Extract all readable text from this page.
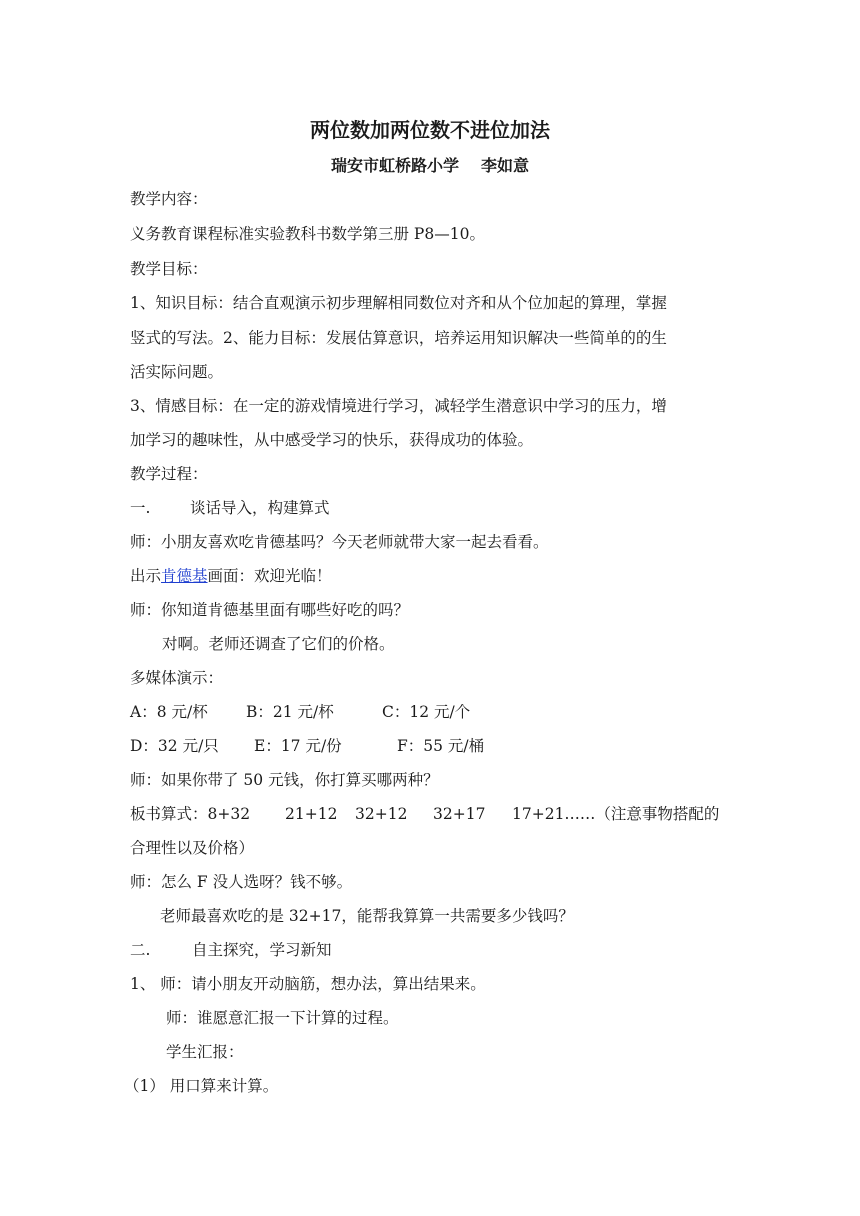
两位数加两位数不进位加法
瑞安市虹桥路小学 李如意
教学内容：
义务教育课程标准实验教科书数学第三册 P8—10。
教学目标：
1、知识目标：结合直观演示初步理解相同数位对齐和从个位加起的算理，掌握
竖式的写法。2、能力目标：发展估算意识，培养运用知识解决一些简单的的生
活实际问题。
3、情感目标：在一定的游戏情境进行学习，减轻学生潜意识中学习的压力，增
加学习的趣味性，从中感受学习的快乐，获得成功的体验。
教学过程：
一.	谈话导入，构建算式
师：小朋友喜欢吃肯德基吗？今天老师就带大家一起去看看。
出示肯德基画面：欢迎光临！
师：你知道肯德基里面有哪些好吃的吗？
对啊。老师还调查了它们的价格。
多媒体演示：
A：8 元/杯 B：21 元/杯	C：12 元/个
D：32 元/只 E：17 元/份	F：55 元/桶
师：如果你带了 50 元钱，你打算买哪两种？
板书算式：8+32 21+12 32+12 32+17 17+21……（注意事物搭配的
合理性以及价格）
师：怎么 F 没人选呀？钱不够。
老师最喜欢吃的是 32+17，能帮我算算一共需要多少钱吗？
二.	自主探究，学习新知
1、 师：请小朋友开动脑筋，想办法，算出结果来。
师：谁愿意汇报一下计算的过程。
学生汇报：
（1） 用口算来计算。
